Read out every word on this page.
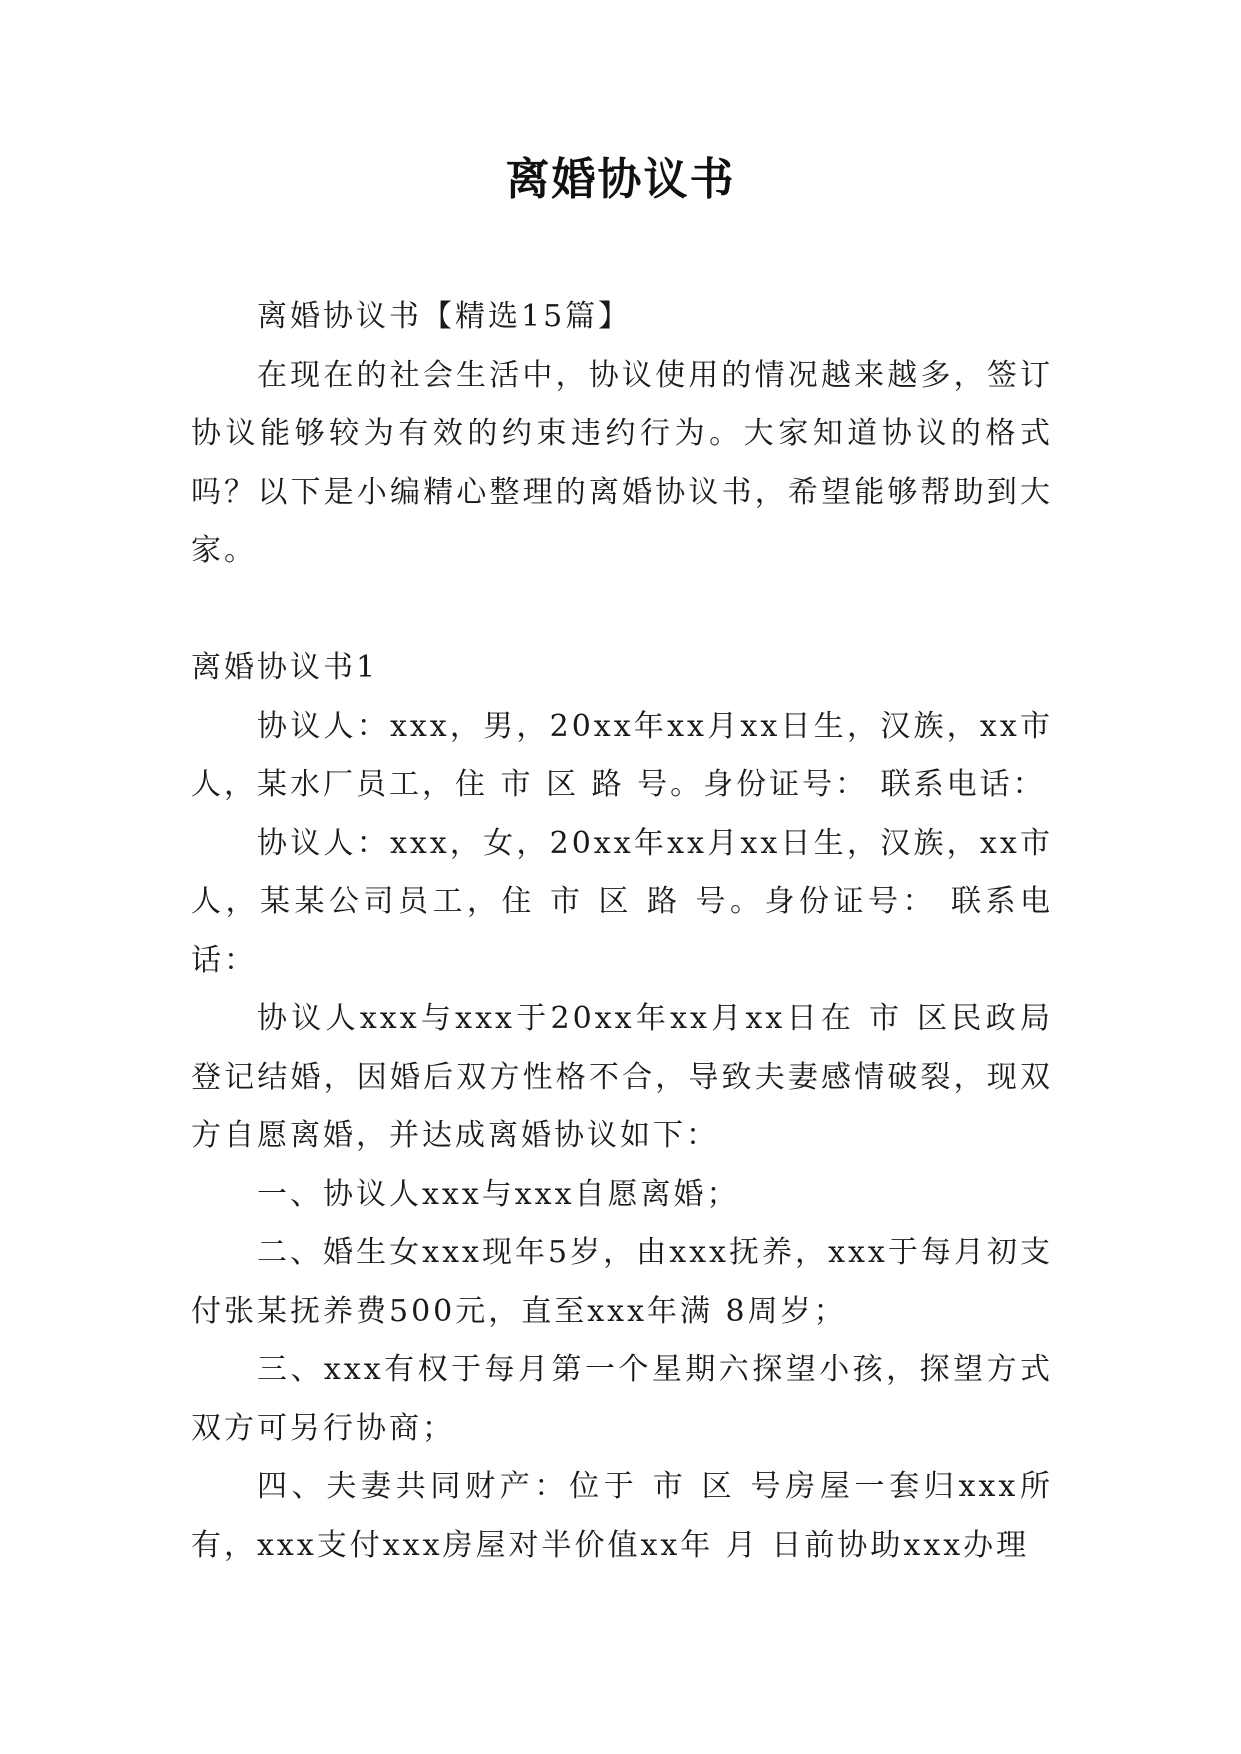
离婚协议书

离婚协议书【精选15篇】

在现在的社会生活中，协议使用的情况越来越多，签订协议能够较为有效的约束违约行为。大家知道协议的格式吗？以下是小编精心整理的离婚协议书，希望能够帮助到大家。

离婚协议书1

协议人：xxx，男，20xx年xx月xx日生，汉族，xx市人，某水厂员工，住 市 区 路 号。身份证号： 联系电话：

协议人：xxx，女，20xx年xx月xx日生，汉族，xx市人，某某公司员工，住 市 区 路 号。身份证号： 联系电话：

协议人xxx与xxx于20xx年xx月xx日在 市 区民政局登记结婚，因婚后双方性格不合，导致夫妻感情破裂，现双方自愿离婚，并达成离婚协议如下：

一、协议人xxx与xxx自愿离婚；

二、婚生女xxx现年5岁，由xxx抚养，xxx于每月初支付张某抚养费500元，直至xxx年满 8周岁；

三、xxx有权于每月第一个星期六探望小孩，探望方式双方可另行协商；

四、夫妻共同财产：位于 市 区 号房屋一套归xxx所有，xxx支付xxx房屋对半价值xx年 月 日前协助xxx办理
